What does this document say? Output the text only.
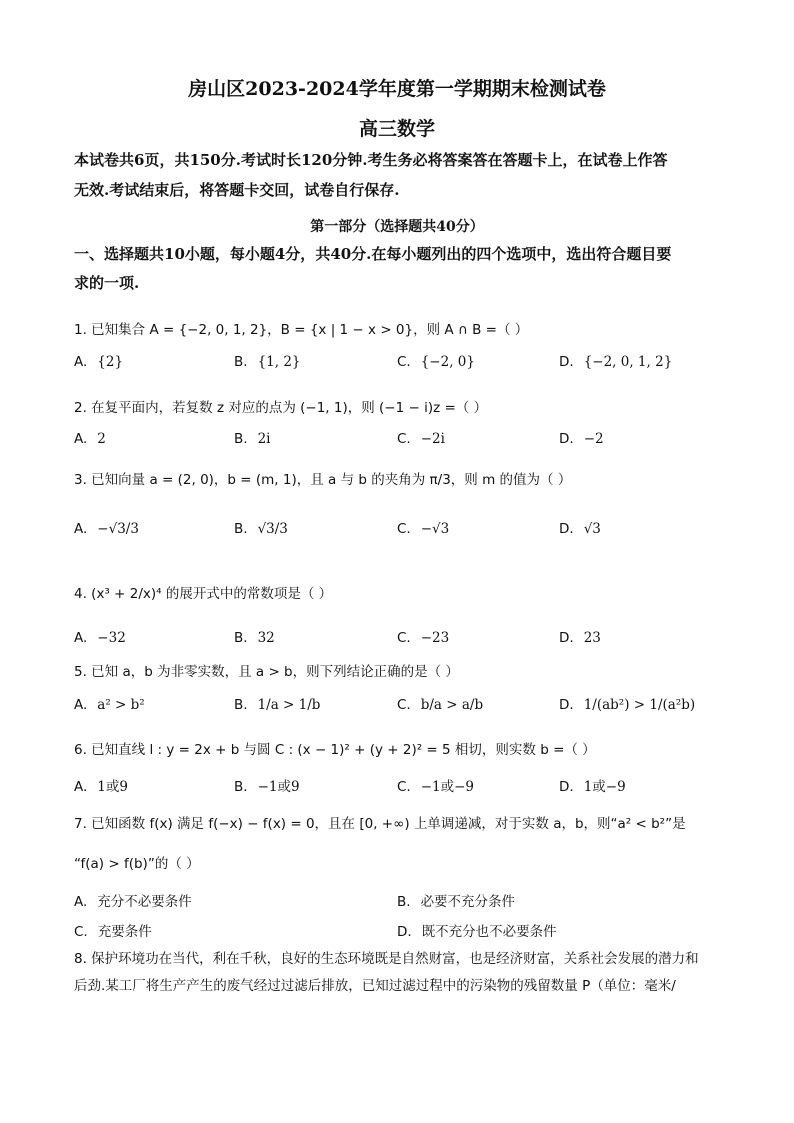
房山区2023-2024学年度第一学期期末检测试卷
高三数学
本试卷共6页，共150分.考试时长120分钟.考生务必将答案答在答题卡上，在试卷上作答
无效.考试结束后，将答题卡交回，试卷自行保存.
第一部分（选择题共40分）
一、选择题共10小题，每小题4分，共40分.在每小题列出的四个选项中，选出符合题目要
求的一项.
1. 已知集合 A = {−2, 0, 1, 2}，B = {x | 1 − x > 0}，则 A ∩ B =（ ）
A. {2}	B. {1, 2}	C. {−2, 0}	D. {−2, 0, 1, 2}
2. 在复平面内，若复数 z 对应的点为 (−1, 1)，则 (−1 − i)z =（ ）
A. 2	B. 2i	C. −2i	D. −2
3. 已知向量 a = (2, 0)，b = (m, 1)，且 a 与 b 的夹角为 π/3，则 m 的值为（ ）
A. −√3/3	B. √3/3	C. −√3	D. √3
4. (x³ + 2/x)⁴ 的展开式中的常数项是（ ）
A. −32	B. 32	C. −23	D. 23
5. 已知 a，b 为非零实数，且 a > b，则下列结论正确的是（ ）
A. a² > b²	B. 1/a > 1/b	C. b/a > a/b	D. 1/(ab²) > 1/(a²b)
6. 已知直线 l : y = 2x + b 与圆 C : (x − 1)² + (y + 2)² = 5 相切，则实数 b =（ ）
A. 1或9	B. −1或9	C. −1或−9	D. 1或−9
7. 已知函数 f(x) 满足 f(−x) − f(x) = 0，且在 [0, +∞) 上单调递减，对于实数 a，b，则“a² < b²”是
“f(a) > f(b)”的（ ）
A. 充分不必要条件	B. 必要不充分条件
C. 充要条件	D. 既不充分也不必要条件
8. 保护环境功在当代，利在千秋，良好的生态环境既是自然财富，也是经济财富，关系社会发展的潜力和
后劲.某工厂将生产产生的废气经过过滤后排放，已知过滤过程中的污染物的残留数量 P（单位：毫米/
